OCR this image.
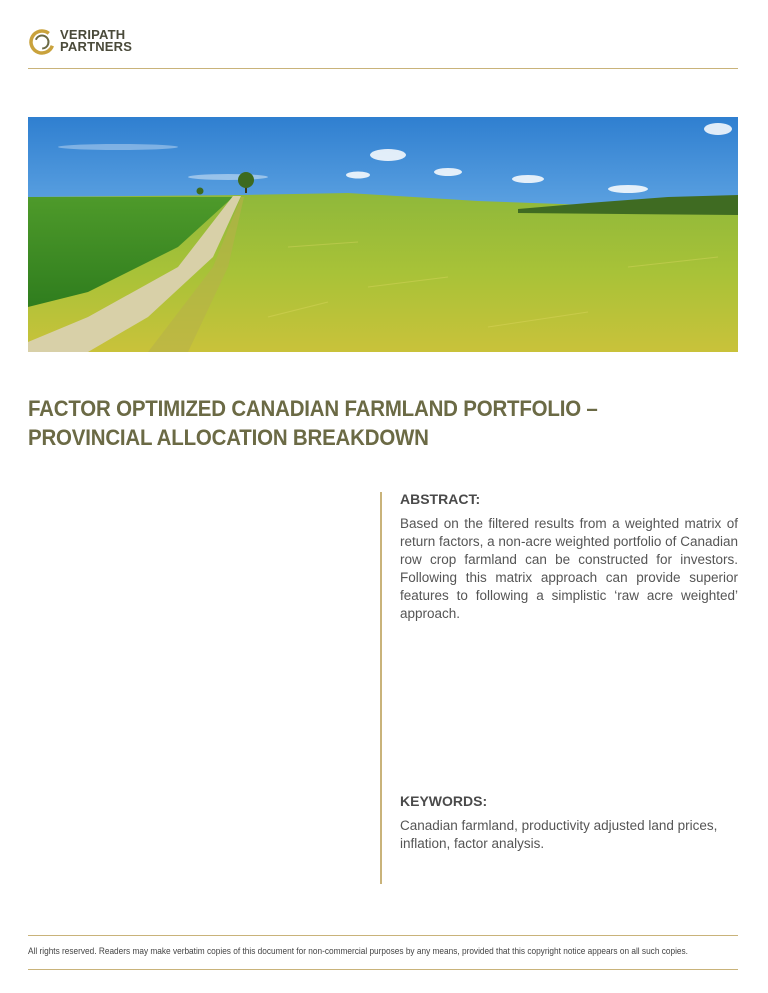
VERIPATH
PARTNERS
FACTOR OPTIMIZED CANADIAN FARMLAND PORTFOLIO – PROVINCIAL ALLOCATION BREAKDOWN

ABSTRACT:

Based on the filtered results from a weighted matrix of return factors, a non-acre weighted portfolio of Canadian row crop farmland can be constructed for investors. Following this matrix approach can provide superior features to following a simplistic ‘raw acre weighted’ approach.

KEYWORDS:

Canadian farmland, productivity adjusted land prices, inflation, factor analysis.

All rights reserved. Readers may make verbatim copies of this document for non-commercial purposes by any means, provided that this copyright notice appears on all such copies.
